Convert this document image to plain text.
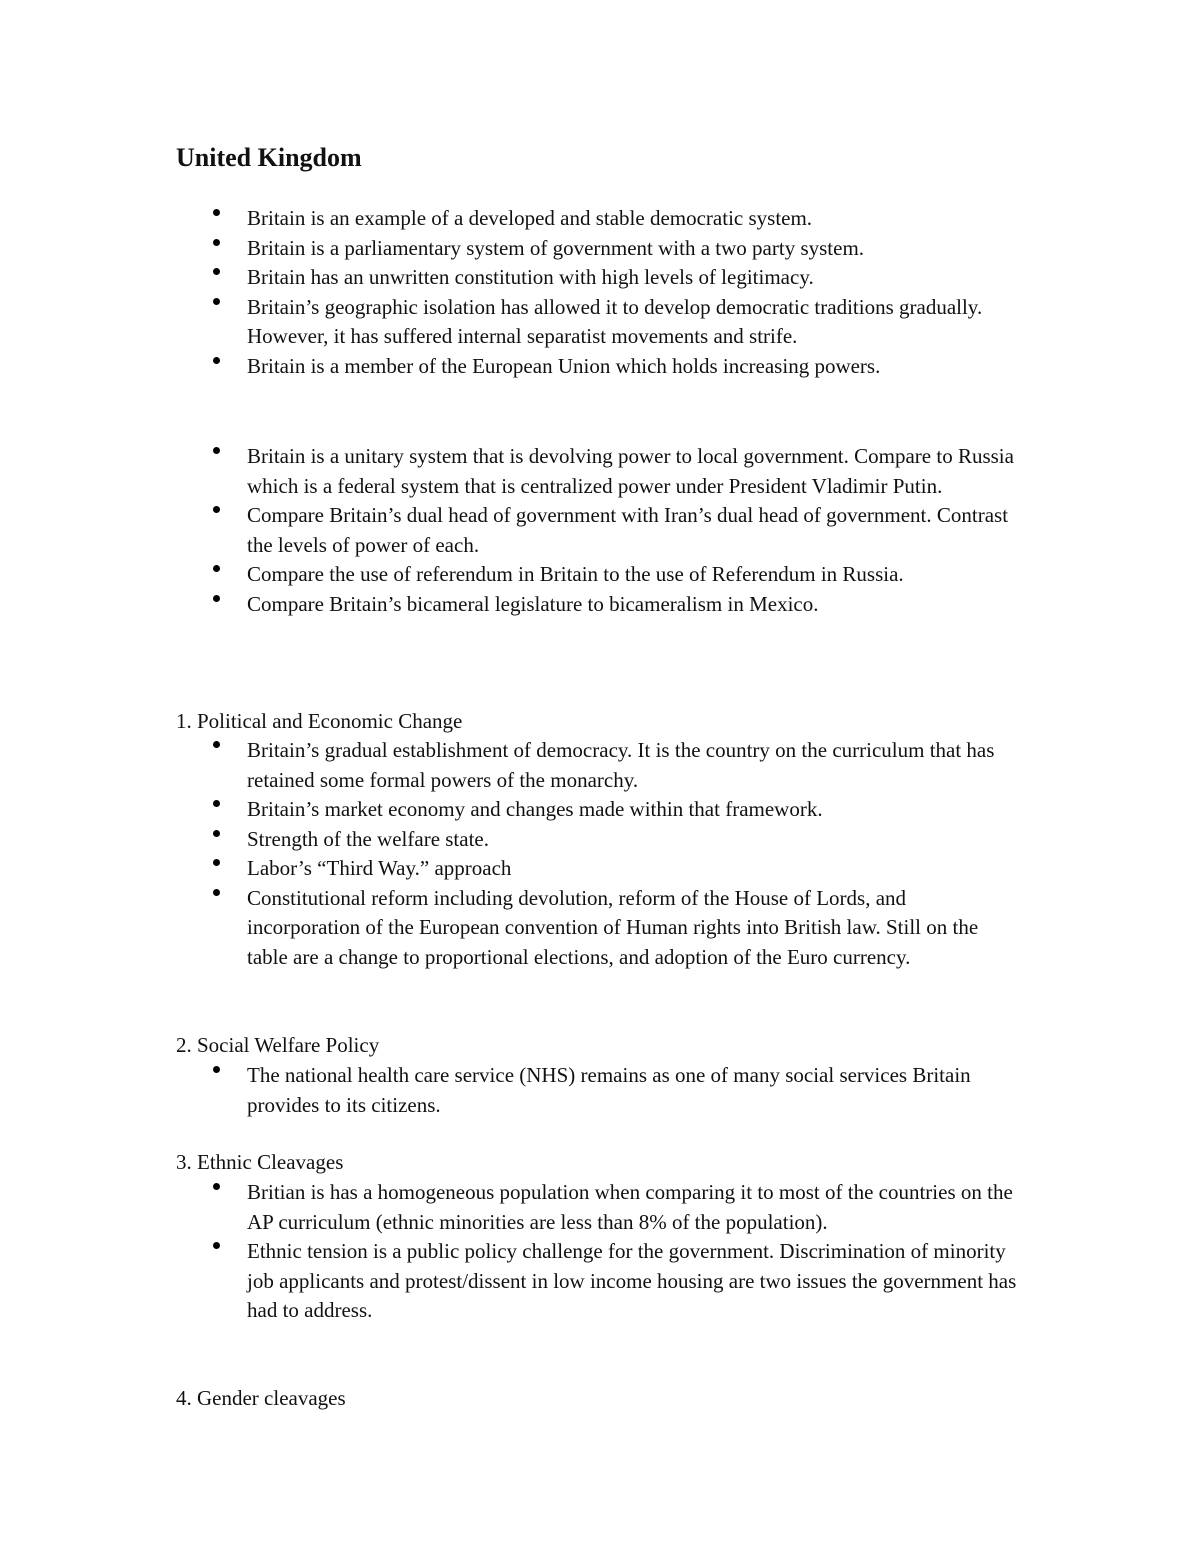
United Kingdom
Britain is an example of a developed and stable democratic system.
Britain is a parliamentary system of government with a two party system.
Britain has an unwritten constitution with high levels of legitimacy.
Britain’s geographic isolation has allowed it to develop democratic traditions gradually. However, it has suffered internal separatist movements and strife.
Britain is a member of the European Union which holds increasing powers.
Britain is a unitary system that is devolving power to local government. Compare to Russia which is a federal system that is centralized power under President Vladimir Putin.
Compare Britain’s dual head of government with Iran’s dual head of government. Contrast the levels of power of each.
Compare the use of referendum in Britain to the use of Referendum in Russia.
Compare Britain’s bicameral legislature to bicameralism in Mexico.

1. Political and Economic Change

Britain’s gradual establishment of democracy. It is the country on the curriculum that has retained some formal powers of the monarchy.
Britain’s market economy and changes made within that framework.
Strength of the welfare state.
Labor’s “Third Way.” approach
Constitutional reform including devolution, reform of the House of Lords, and incorporation of the European convention of Human rights into British law. Still on the table are a change to proportional elections, and adoption of the Euro currency.

2. Social Welfare Policy

The national health care service (NHS) remains as one of many social services Britain provides to its citizens.

3. Ethnic Cleavages

Britian is has a homogeneous population when comparing it to most of the countries on the AP curriculum (ethnic minorities are less than 8% of the population).
Ethnic tension is a public policy challenge for the government. Discrimination of minority job applicants and protest/dissent in low income housing are two issues the government has had to address.

4. Gender cleavages
